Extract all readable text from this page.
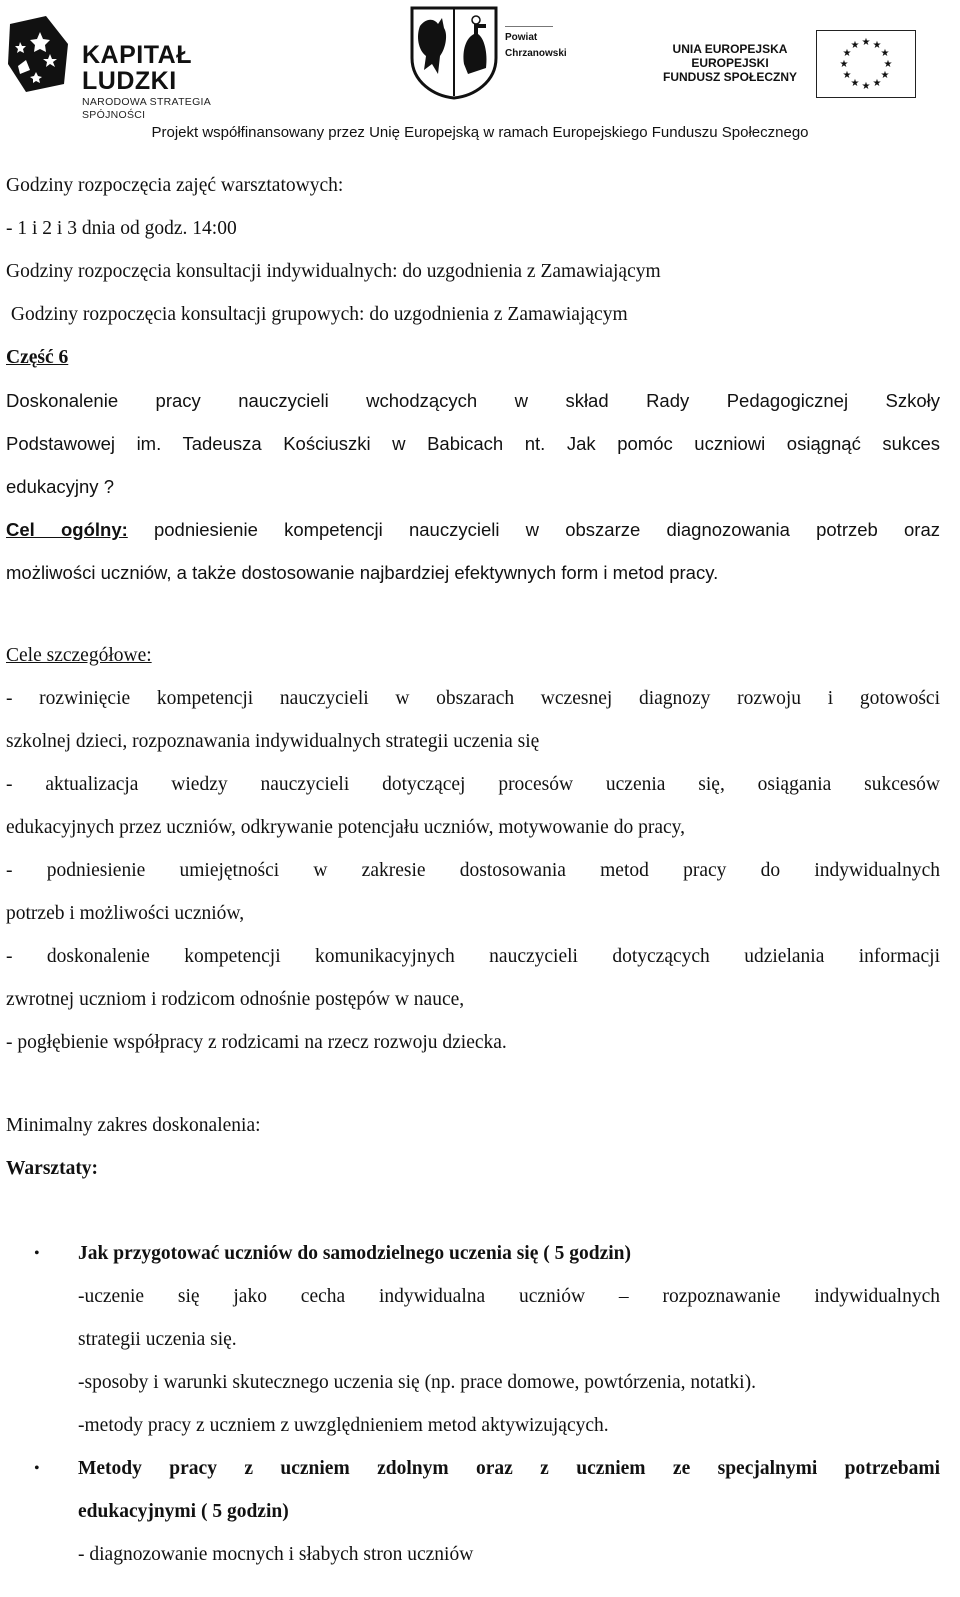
KAPITAŁ LUDZKI
NARODOWA STRATEGIA SPÓJNOŚCI
Powiat
Chrzanowski	UNIA EUROPEJSKA
EUROPEJSKI
FUNDUSZ SPOŁECZNY
★ ★
★
★
★
★
★
★
★
★
★
★
Projekt współfinansowany przez Unię Europejską w ramach Europejskiego Funduszu Społecznego
Godziny rozpoczęcia zajęć warsztatowych:
- 1 i 2 i 3 dnia od godz. 14:00
Godziny rozpoczęcia konsultacji indywidualnych: do uzgodnienia z Zamawiającym
Godziny rozpoczęcia konsultacji grupowych: do uzgodnienia z Zamawiającym
Część 6
Doskonalenie pracy nauczycieli wchodzących w skład Rady Pedagogicznej Szkoły
Podstawowej im. Tadeusza Kościuszki w Babicach nt. Jak pomóc uczniowi osiągnąć sukces
edukacyjny ?
Cel ogólny: podniesienie kompetencji nauczycieli w obszarze diagnozowania potrzeb oraz
możliwości uczniów, a także dostosowanie najbardziej efektywnych form i metod pracy.
Cele szczegółowe:
- rozwinięcie kompetencji nauczycieli w obszarach wczesnej diagnozy rozwoju i gotowości
szkolnej dzieci, rozpoznawania indywidualnych strategii uczenia się
- aktualizacja wiedzy nauczycieli dotyczącej procesów uczenia się, osiągania sukcesów
edukacyjnych przez uczniów, odkrywanie potencjału uczniów, motywowanie do pracy,
- podniesienie umiejętności w zakresie dostosowania metod pracy do indywidualnych
potrzeb i możliwości uczniów,
- doskonalenie kompetencji komunikacyjnych nauczycieli dotyczących udzielania informacji
zwrotnej uczniom i rodzicom odnośnie postępów w nauce,
- pogłębienie współpracy z rodzicami na rzecz rozwoju dziecka.
Minimalny zakres doskonalenia:
Warsztaty:
• Jak przygotować uczniów do samodzielnego uczenia się ( 5 godzin)
-uczenie się jako cecha indywidualna uczniów – rozpoznawanie indywidualnych
strategii uczenia się.
-sposoby i warunki skutecznego uczenia się (np. prace domowe, powtórzenia, notatki).
-metody pracy z uczniem z uwzględnieniem metod aktywizujących.
• Metody pracy z uczniem zdolnym oraz z uczniem ze specjalnymi potrzebami
edukacyjnymi ( 5 godzin)
- diagnozowanie mocnych i słabych stron uczniów
